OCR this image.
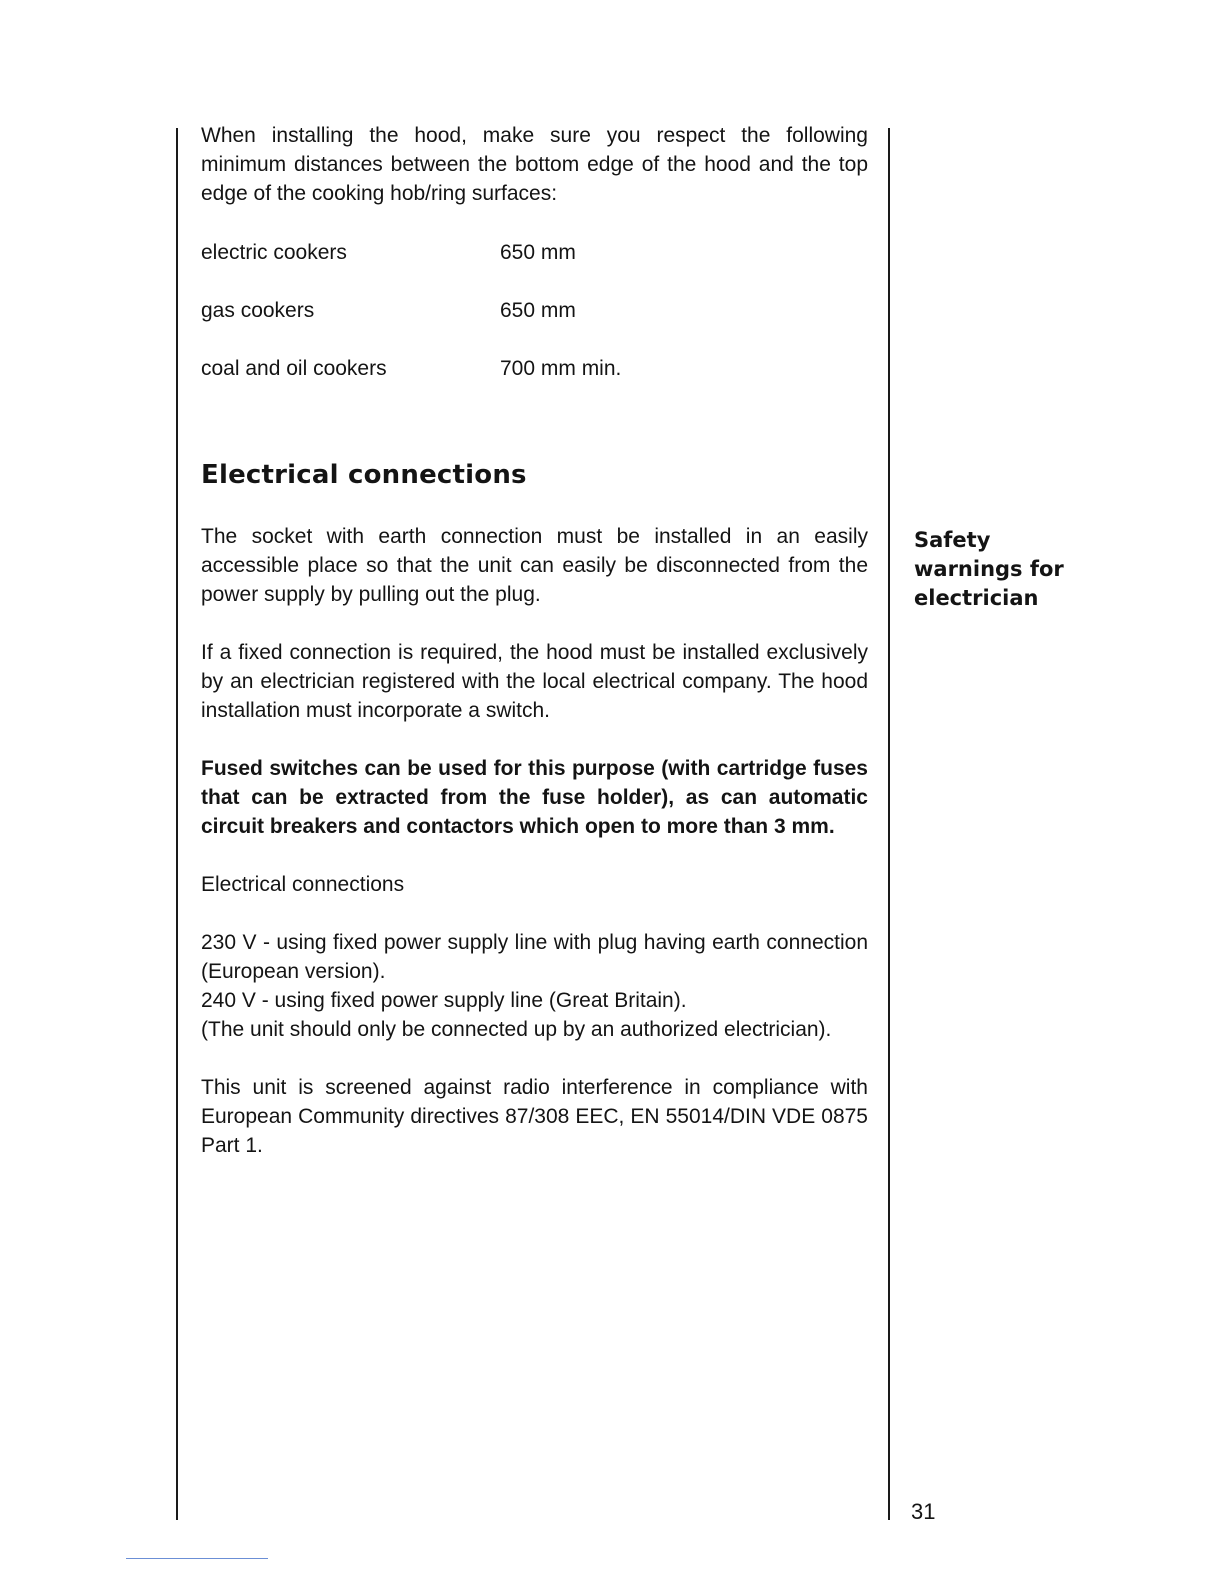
When installing the hood, make sure you respect the following minimum distances between the bottom edge of the hood and the top edge of the cooking hob/ring surfaces:

electric cookers	650 mm
gas cookers	650 mm
coal and oil cookers	700 mm min.
Electrical connections

The socket with earth connection must be installed in an easily accessible place so that the unit can easily be disconnected from the power supply by pulling out the plug.

If a fixed connection is required, the hood must be installed exclusively by an electrician registered with the local electrical company. The hood installation must incorporate a switch.

Fused switches can be used for this purpose (with cartridge fuses that can be extracted from the fuse holder), as can automatic circuit breakers and contactors which open to more than 3 mm.

Electrical connections

230 V - using fixed power supply line with plug having earth connection (European version).
240 V - using fixed power supply line (Great Britain).
(The unit should only be connected up by an authorized electrician).

This unit is screened against radio interference in compliance with European Community directives 87/308 EEC, EN 55014/DIN VDE 0875 Part 1.

Safety
warnings for
electrician
31
